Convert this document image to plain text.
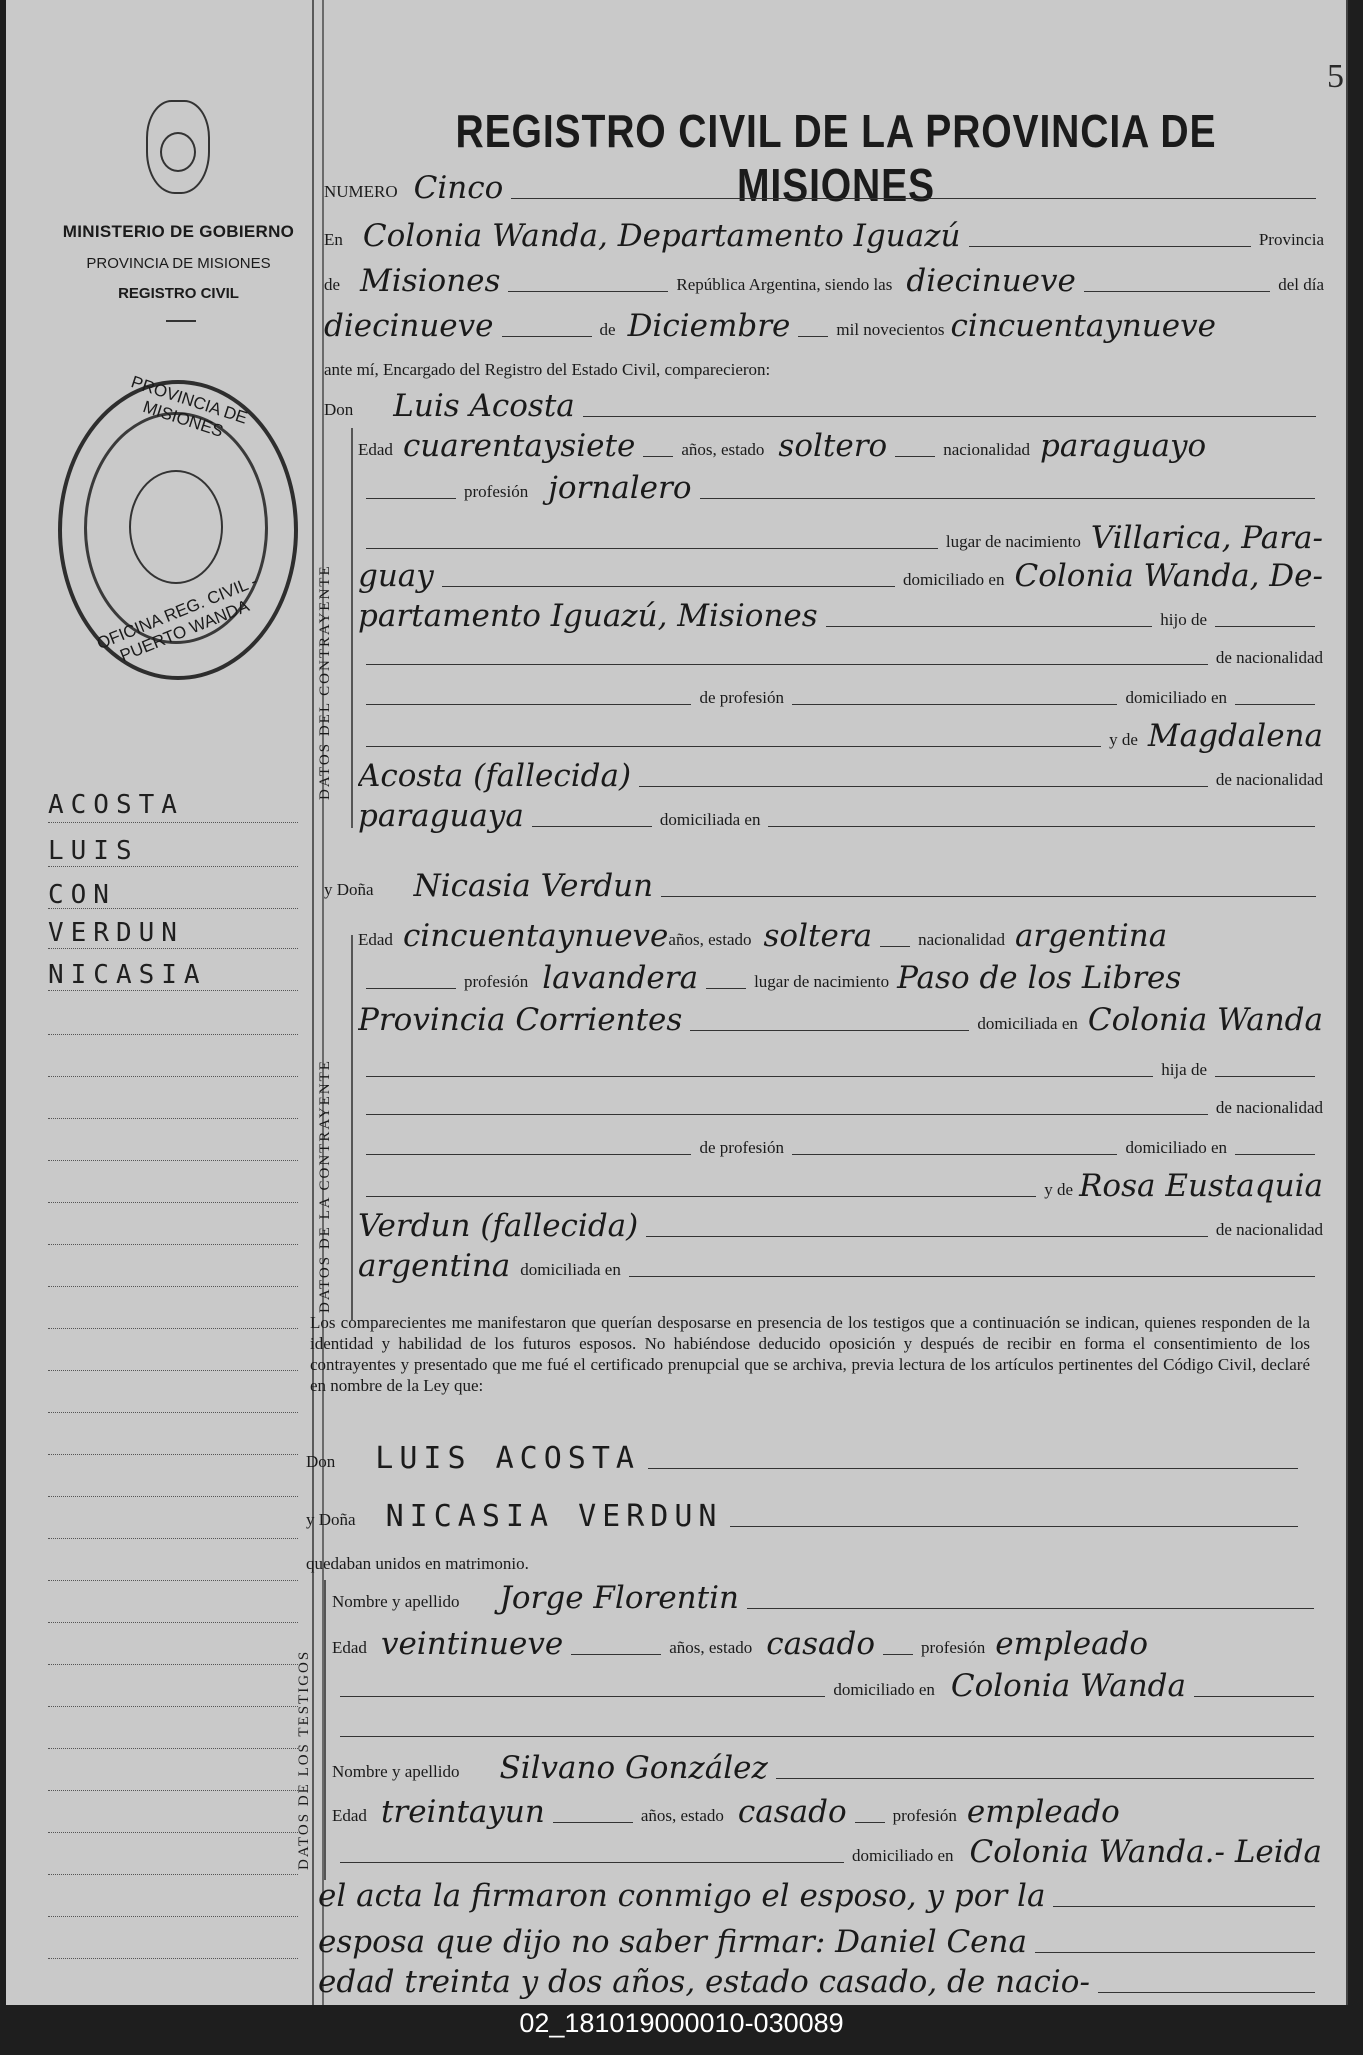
5
MINISTERIO DE GOBIERNO
PROVINCIA DE MISIONES
REGISTRO CIVIL
PROVINCIA DE MISIONES
OFICINA REG. CIVIL - PUERTO WANDA
ACOSTA
LUIS
CON
VERDUN
NICASIA
REGISTRO CIVIL DE LA PROVINCIA DE MISIONES
NUMERO Cinco
En Colonia Wanda, Departamento Iguazú	Provincia
de Misiones	República Argentina, siendo las diecinueve	del día
diecinueve	de Diciembre	mil novecientos cincuentaynueve
ante mí, Encargado del Registro del Estado Civil, comparecieron:
Don Luis Acosta
DATOS DEL CONTRAYENTE
Edad cuarentaysiete	años, estado soltero	nacionalidad paraguayo
profesión jornalero
lugar de nacimiento Villarica, Para-
guay	domiciliado en Colonia Wanda, De-
partamento Iguazú, Misiones	hijo de
de nacionalidad
de profesión	domiciliado en
y de Magdalena
Acosta (fallecida)	de nacionalidad
paraguaya	domiciliada en
y Doña Nicasia Verdun
DATOS DE LA CONTRAYENTE
Edad cincuentaynueve años, estado soltera	nacionalidad argentina
profesión lavandera	lugar de nacimiento Paso de los Libres
Provincia Corrientes	domiciliada en Colonia Wanda
hija de
de nacionalidad
de profesión	domiciliado en
y de Rosa Eustaquia
Verdun (fallecida)	de nacionalidad
argentina domiciliada en
Los comparecientes me manifestaron que querían desposarse en presencia de los testigos que a continuación se indican, quienes responden de la identidad y habilidad de los futuros esposos. No habiéndose deducido oposición y después de recibir en forma el consentimiento de los contrayentes y presentado que me fué el certificado prenupcial que se archiva, previa lectura de los artículos pertinentes del Código Civil, declaré en nombre de la Ley que:
Don LUIS ACOSTA
y Doña NICASIA VERDUN
quedaban unidos en matrimonio.
DATOS DE LOS TESTIGOS
Nombre y apellido Jorge Florentin
Edad veintinueve	años, estado casado	profesión empleado
domiciliado en Colonia Wanda
Nombre y apellido Silvano González
Edad treintayun	años, estado casado	profesión empleado
domiciliado en Colonia Wanda.- Leida
el acta la firmaron conmigo el esposo, y por la
esposa que dijo no saber firmar: Daniel Cena
edad treinta y dos años, estado casado, de nacio-
02_181019000010-030089
